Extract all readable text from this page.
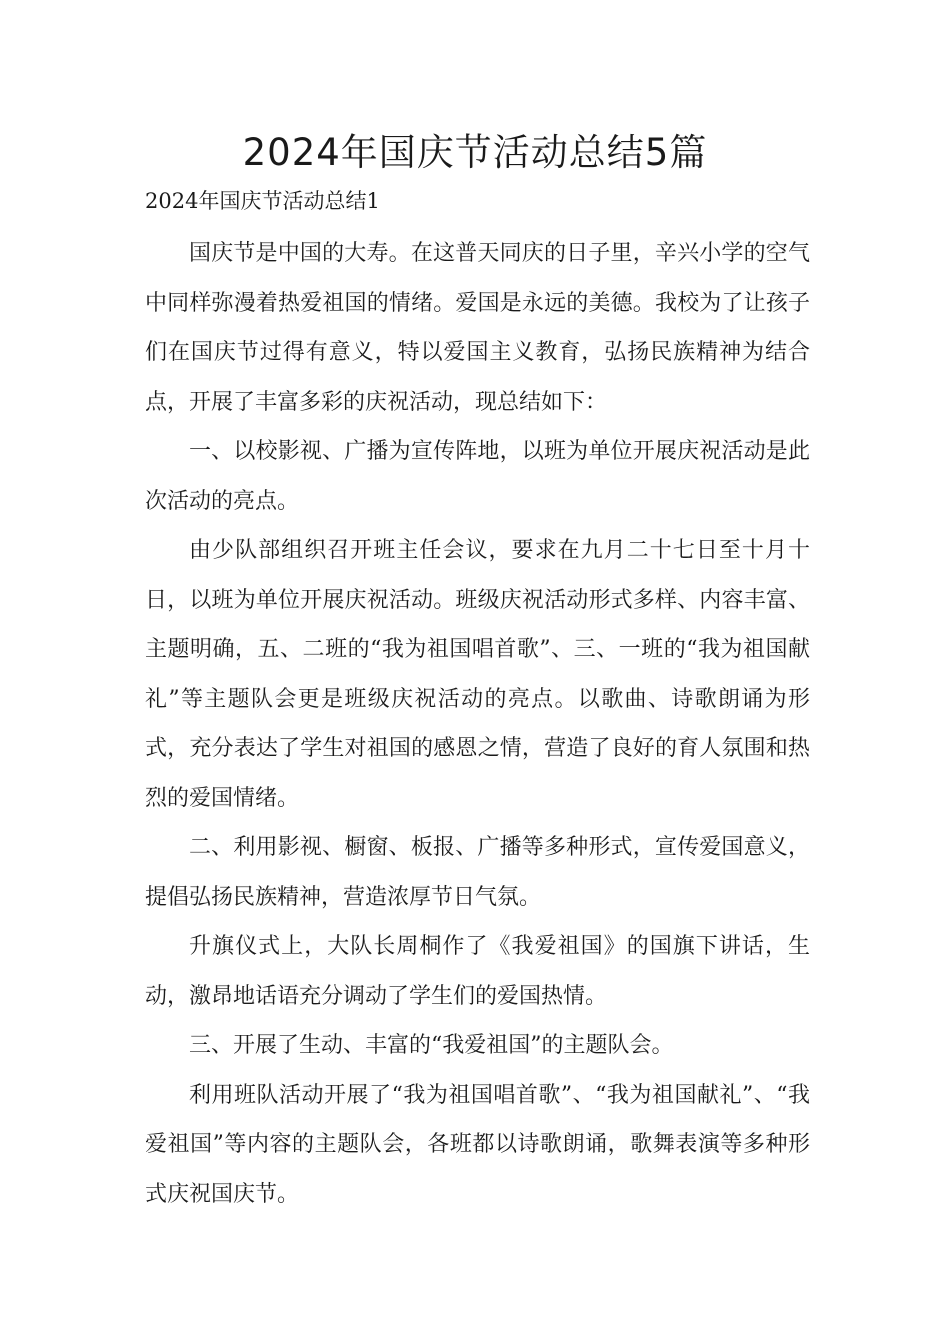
2024年国庆节活动总结5篇

2024年国庆节活动总结1

国庆节是中国的大寿。在这普天同庆的日子里，辛兴小学的空气中同样弥漫着热爱祖国的情绪。爱国是永远的美德。我校为了让孩子们在国庆节过得有意义，特以爱国主义教育，弘扬民族精神为结合点，开展了丰富多彩的庆祝活动，现总结如下：

一、以校影视、广播为宣传阵地，以班为单位开展庆祝活动是此次活动的亮点。

由少队部组织召开班主任会议，要求在九月二十七日至十月十日，以班为单位开展庆祝活动。班级庆祝活动形式多样、内容丰富、主题明确，五、二班的“我为祖国唱首歌”、三、一班的“我为祖国献礼”等主题队会更是班级庆祝活动的亮点。以歌曲、诗歌朗诵为形式，充分表达了学生对祖国的感恩之情，营造了良好的育人氛围和热烈的爱国情绪。

二、利用影视、橱窗、板报、广播等多种形式，宣传爱国意义，提倡弘扬民族精神，营造浓厚节日气氛。

升旗仪式上，大队长周桐作了《我爱祖国》的国旗下讲话，生动，激昂地话语充分调动了学生们的爱国热情。

三、开展了生动、丰富的“我爱祖国”的主题队会。

利用班队活动开展了“我为祖国唱首歌”、“我为祖国献礼”、“我爱祖国”等内容的主题队会，各班都以诗歌朗诵，歌舞表演等多种形式庆祝国庆节。
